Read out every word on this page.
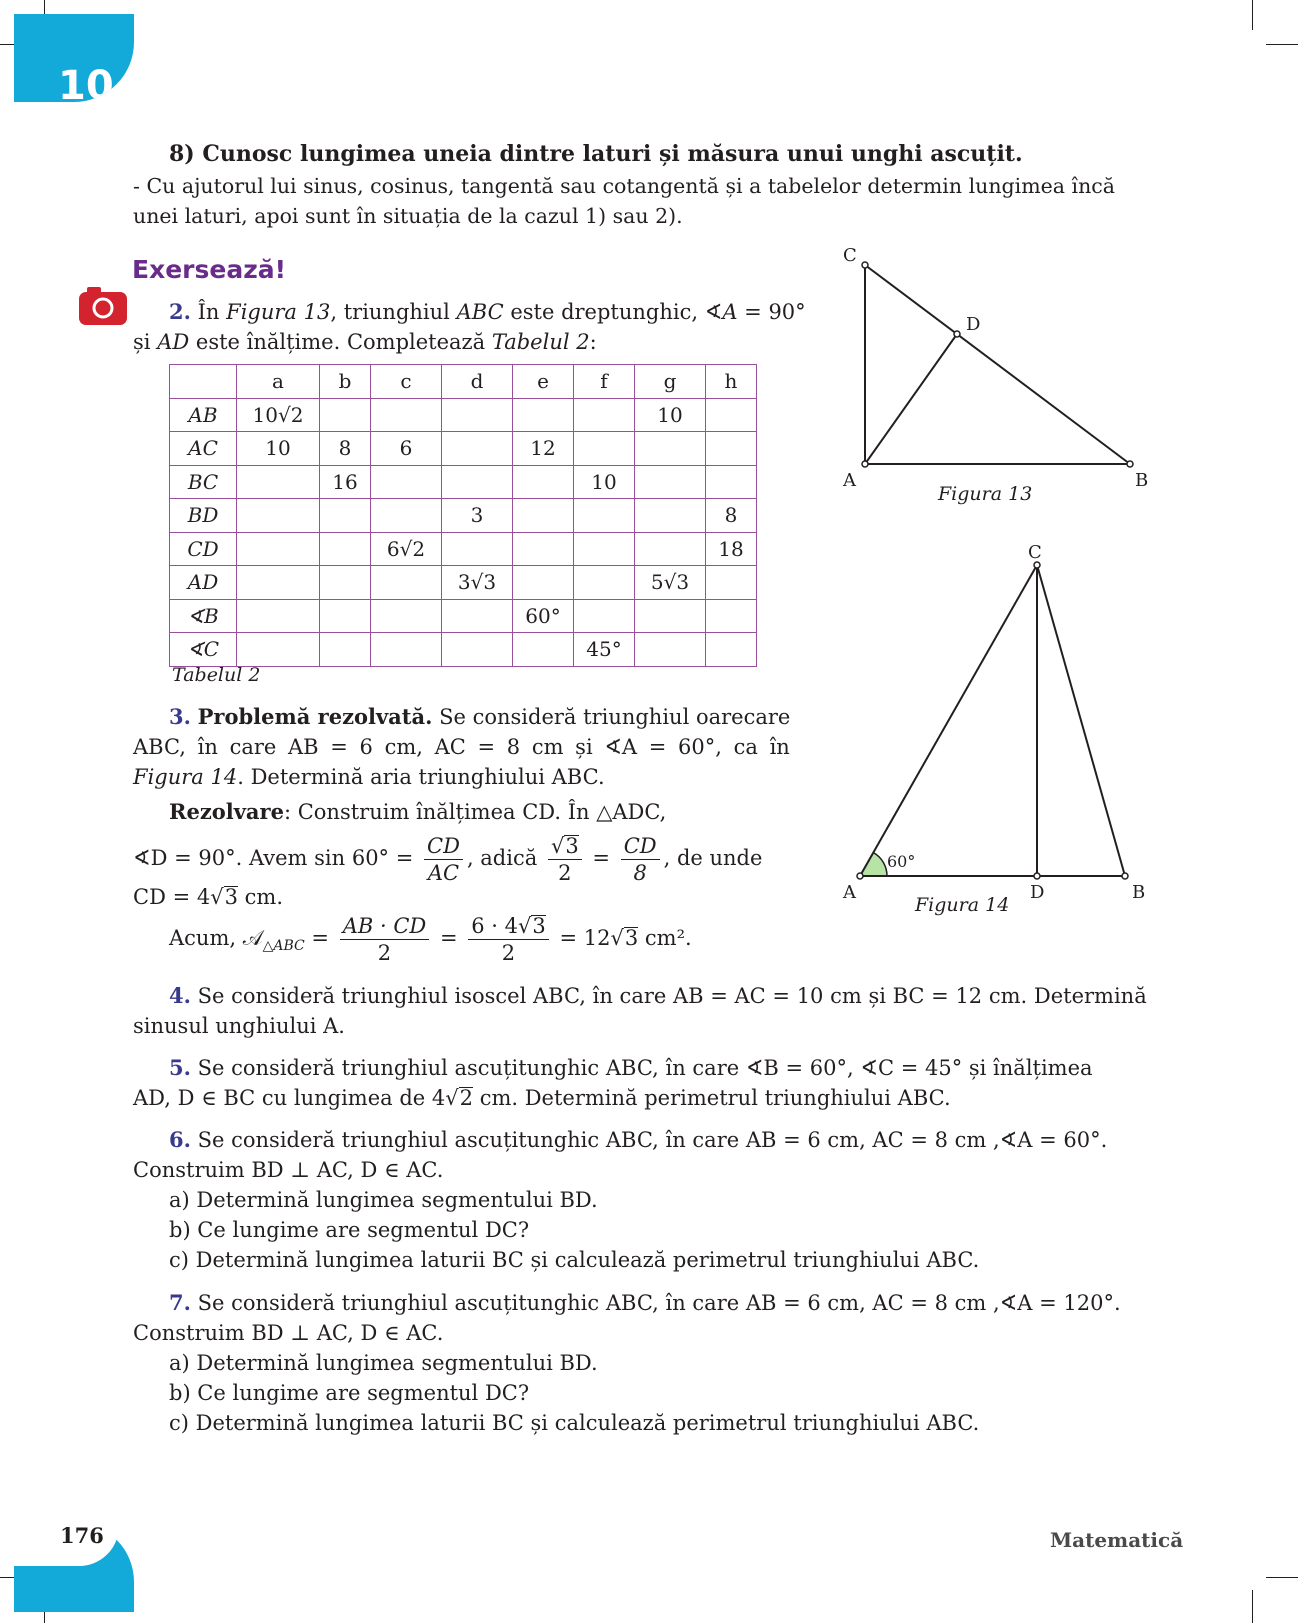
10
8) Cunosc lungimea uneia dintre laturi și măsura unui unghi ascuțit.
- Cu ajutorul lui sinus, cosinus, tangentă sau cotangentă și a tabelelor determin lungimea încă
unei laturi, apoi sunt în situația de la cazul 1) sau 2).
Exersează!
2. În Figura 13, triunghiul ABC este dreptunghic, ∢A = 90°
și AD este înălțime. Completează Tabelul 2:
	a	b	c	d	e	f	g	h
AB	10√2						10	
AC	10	8	6		12			
BC		16				10		
BD				3				8
CD			6√2					18
AD				3√3			5√3	
∢B					60°			
∢C						45°		
Tabelul 2
C
D
A	B
Figura 13
60°
C
A	D	B
Figura 14
3. Problemă rezolvată. Se consideră triunghiul oarecare
ABC, în care AB = 6 cm, AC = 8 cm și ∢A = 60°, ca în
Figura 14. Determină aria triunghiului ABC.
Rezolvare: Construim înălțimea CD. În △ADC,
∢D = 90°. Avem $\sin 60^\circ = \frac{CD}{AC}$ , adică $\frac{√3}{2} = \frac{CD}{8}$ , de unde
CD = 4√3 cm.
Acum, 𝒜$_{\triangle ABC}$ = $\frac{AB \cdot CD}{2} = \frac{6 \cdot 4√3}{2} = 12√3$ cm².
4. Se consideră triunghiul isoscel ABC, în care AB = AC = 10 cm și BC = 12 cm. Determină
sinusul unghiului A.
5. Se consideră triunghiul ascuțitunghic ABC, în care ∢B = 60°, ∢C = 45° și înălțimea
AD, D ∈ BC cu lungimea de 4√2 cm. Determină perimetrul triunghiului ABC.
6. Se consideră triunghiul ascuțitunghic ABC, în care AB = 6 cm, AC = 8 cm ,∢A = 60°.
Construim BD ⊥ AC, D ∈ AC.
a) Determină lungimea segmentului BD.
b) Ce lungime are segmentul DC?
c) Determină lungimea laturii BC și calculează perimetrul triunghiului ABC.
7. Se consideră triunghiul ascuțitunghic ABC, în care AB = 6 cm, AC = 8 cm ,∢A = 120°.
Construim BD ⊥ AC, D ∈ AC.
a) Determină lungimea segmentului BD.
b) Ce lungime are segmentul DC?
c) Determină lungimea laturii BC și calculează perimetrul triunghiului ABC.
176	Matematică
